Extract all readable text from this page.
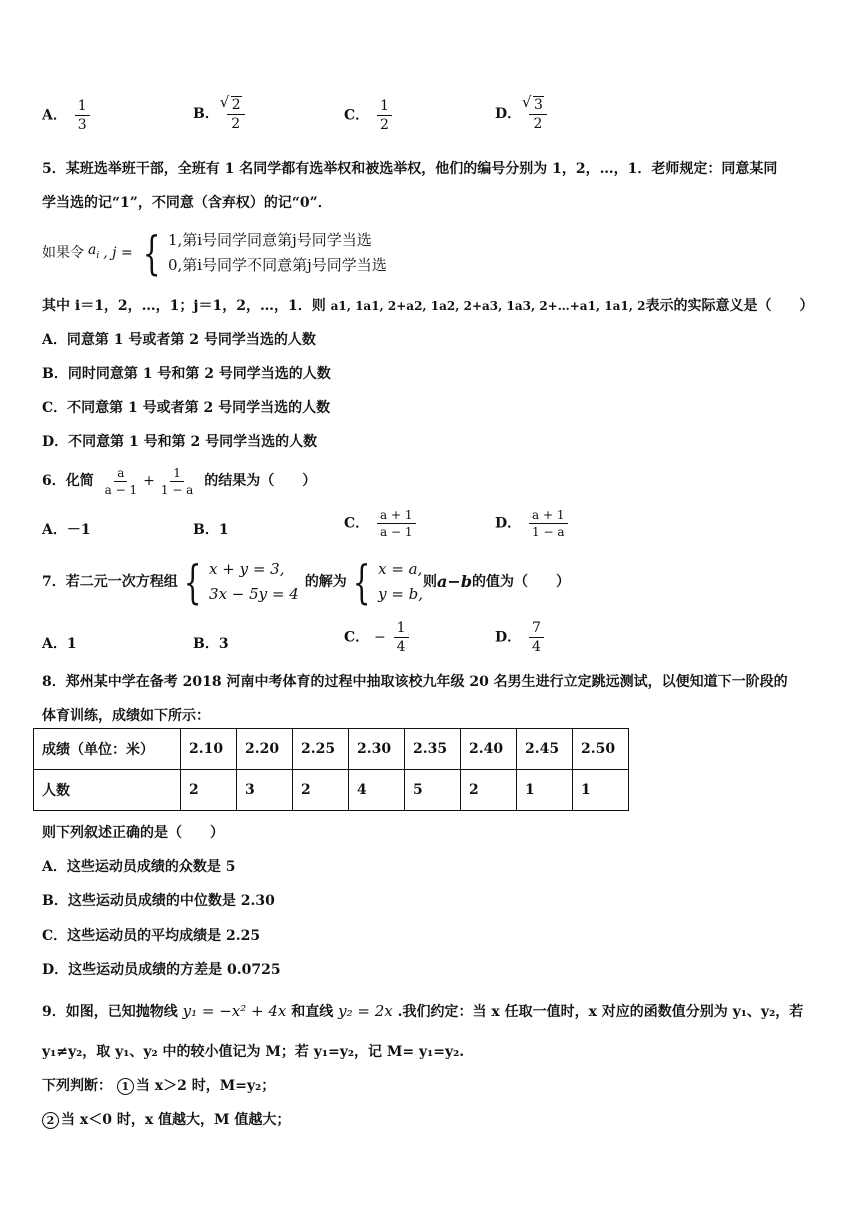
A． $\frac{1}{3}$	B． √ $\frac{2}{2}$	C． $\frac{1}{2}$	D． √ $\frac{3}{2}$
5．某班选举班干部，全班有 1 名同学都有选举权和被选举权，他们的编号分别为 1，2，…，1．老师规定：同意某同
学当选的记“1”，不同意（含弃权）的记“0”．
如果令 $a_i$ , j = { 1,第i号同学同意第j号同学当选
0,第i号同学不同意第j号同学当选
其中 i＝1，2，…，1；j＝1，2，…，1．则 a1, 1a1, 2+a2, 1a2, 2+a3, 1a3, 2+…+a1, 1a1, 2表示的实际意义是（　　）
A．同意第 1 号或者第 2 号同学当选的人数
B．同时同意第 1 号和第 2 号同学当选的人数
C．不同意第 1 号或者第 2 号同学当选的人数
D．不同意第 1 号和第 2 号同学当选的人数
6．化简 $\frac{a}{a - 1} + \frac{1}{1 - a}$ 的结果为（　　）
A．－1	B．1	C． $\frac{a + 1}{a - 1}$	D． $\frac{a + 1}{1 - a}$
7．若二元一次方程组 { x + y = 3,
3x − 5y = 4
的解为 { x = a,
y = b,
则 a−b 的值为（　　）
A．1	B．3	C． − $\frac{1}{4}$	D． $\frac{7}{4}$
8．郑州某中学在备考 2018 河南中考体育的过程中抽取该校九年级 20 名男生进行立定跳远测试，以便知道下一阶段的
体育训练，成绩如下所示：
成绩（单位：米）	2.10	2.20	2.25	2.30	2.35	2.40	2.45	2.50
人数	2	3	2	4	5	2	1	1
则下列叙述正确的是（　　）
A．这些运动员成绩的众数是 5
B．这些运动员成绩的中位数是 2.30
C．这些运动员的平均成绩是 2.25
D．这些运动员成绩的方差是 0.0725
9．如图，已知抛物线 y₁ = −x² + 4x 和直线 y₂ = 2x .我们约定：当 x 任取一值时，x 对应的函数值分别为 y₁、y₂，若
y₁≠y₂，取 y₁、y₂ 中的较小值记为 M；若 y₁=y₂，记 M= y₁=y₂.
下列判断： 1 当 x＞2 时，M=y₂；
2 当 x＜0 时，x 值越大，M 值越大；
